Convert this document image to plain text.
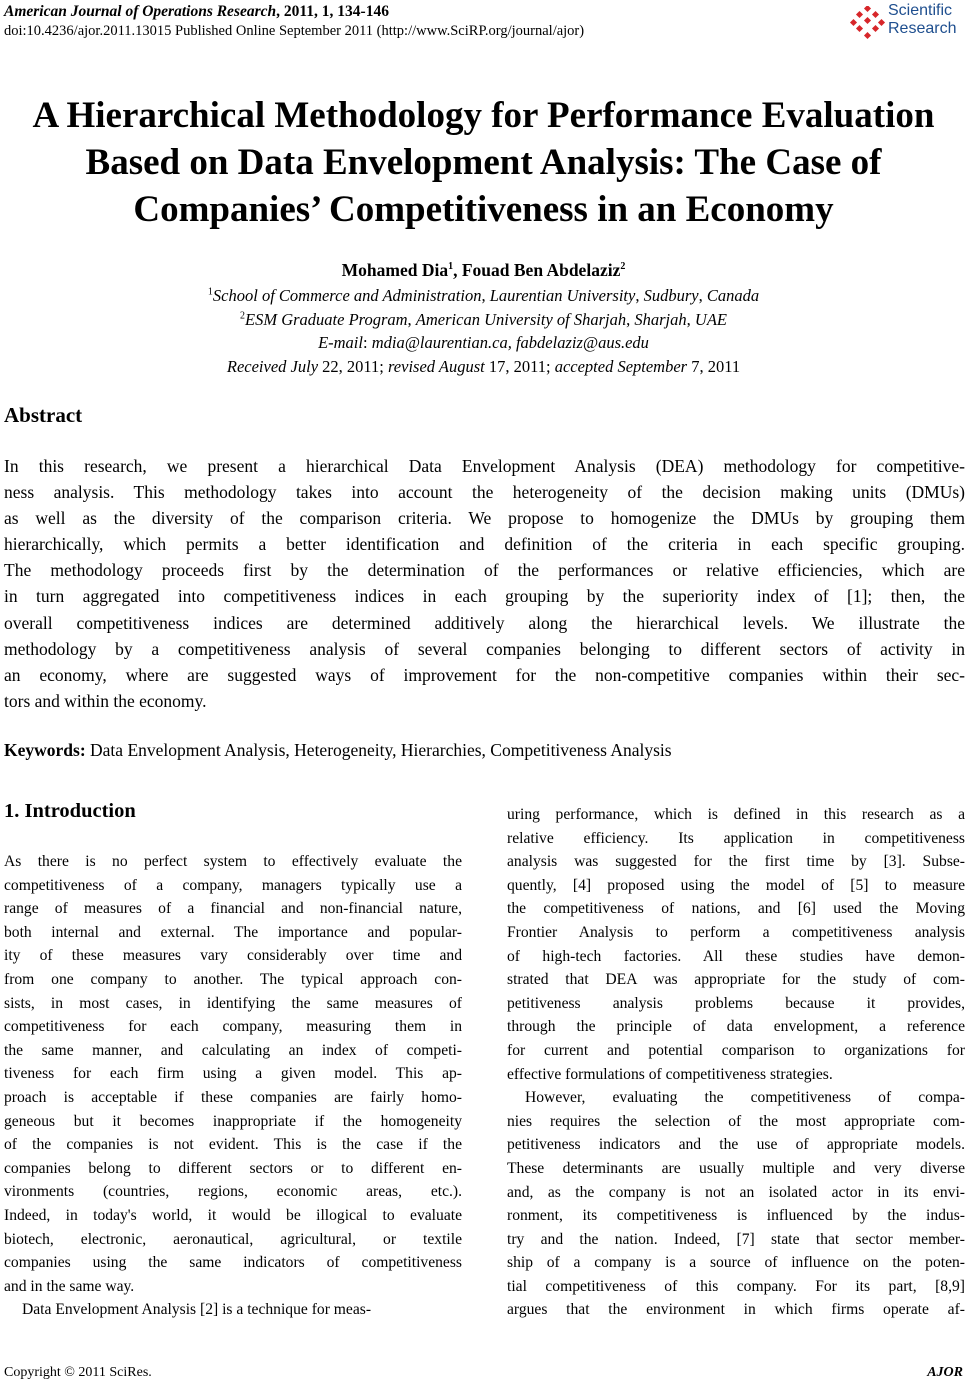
American Journal of Operations Research, 2011, 1, 134-146
doi:10.4236/ajor.2011.13015 Published Online September 2011 (http://www.SciRP.org/journal/ajor)
Scientific
Research
A Hierarchical Methodology for Performance Evaluation
Based on Data Envelopment Analysis: The Case of
Companies’ Competitiveness in an Economy
Mohamed Dia$^1$, Fouad Ben Abdelaziz$^2$
$^1$School of Commerce and Administration, Laurentian University, Sudbury, Canada
$^2$ESM Graduate Program, American University of Sharjah, Sharjah, UAE
E-mail: mdia@laurentian.ca, fabdelaziz@aus.edu
Received July 22, 2011; revised August 17, 2011; accepted September 7, 2011
Abstract
In this research, we present a hierarchical Data Envelopment Analysis (DEA) methodology for competitive-
ness analysis. This methodology takes into account the heterogeneity of the decision making units (DMUs)
as well as the diversity of the comparison criteria. We propose to homogenize the DMUs by grouping them
hierarchically, which permits a better identification and definition of the criteria in each specific grouping.
The methodology proceeds first by the determination of the performances or relative efficiencies, which are
in turn aggregated into competitiveness indices in each grouping by the superiority index of [1]; then, the
overall competitiveness indices are determined additively along the hierarchical levels. We illustrate the
methodology by a competitiveness analysis of several companies belonging to different sectors of activity in
an economy, where are suggested ways of improvement for the non-competitive companies within their sec-
tors and within the economy.
Keywords: Data Envelopment Analysis, Heterogeneity, Hierarchies, Competitiveness Analysis
1. Introduction
As there is no perfect system to effectively evaluate the
competitiveness of a company, managers typically use a
range of measures of a financial and non-financial nature,
both internal and external. The importance and popular-
ity of these measures vary considerably over time and
from one company to another. The typical approach con-
sists, in most cases, in identifying the same measures of
competitiveness for each company, measuring them in
the same manner, and calculating an index of competi-
tiveness for each firm using a given model. This ap-
proach is acceptable if these companies are fairly homo-
geneous but it becomes inappropriate if the homogeneity
of the companies is not evident. This is the case if the
companies belong to different sectors or to different en-
vironments (countries, regions, economic areas, etc.).
Indeed, in today's world, it would be illogical to evaluate
biotech, electronic, aeronautical, agricultural, or textile
companies using the same indicators of competitiveness
and in the same way.
Data Envelopment Analysis [2] is a technique for meas-
uring performance, which is defined in this research as a
relative efficiency. Its application in competitiveness
analysis was suggested for the first time by [3]. Subse-
quently, [4] proposed using the model of [5] to measure
the competitiveness of nations, and [6] used the Moving
Frontier Analysis to perform a competitiveness analysis
of high-tech factories. All these studies have demon-
strated that DEA was appropriate for the study of com-
petitiveness analysis problems because it provides,
through the principle of data envelopment, a reference
for current and potential comparison to organizations for
effective formulations of competitiveness strategies.
However, evaluating the competitiveness of compa-
nies requires the selection of the most appropriate com-
petitiveness indicators and the use of appropriate models.
These determinants are usually multiple and very diverse
and, as the company is not an isolated actor in its envi-
ronment, its competitiveness is influenced by the indus-
try and the nation. Indeed, [7] state that sector member-
ship of a company is a source of influence on the poten-
tial competitiveness of this company. For its part, [8,9]
argues that the environment in which firms operate af-
Copyright © 2011 SciRes.	AJOR
